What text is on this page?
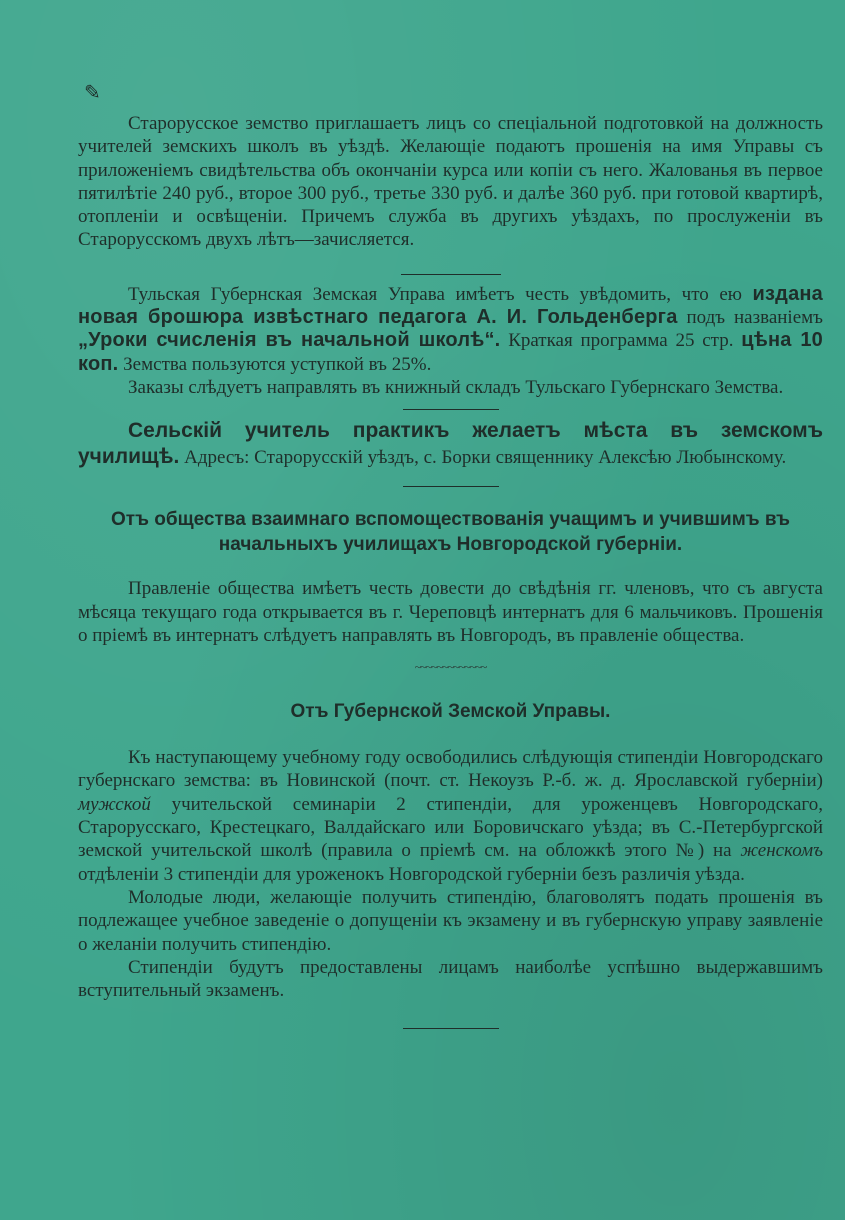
✎

Старорусское земство приглашаетъ лицъ со спеціальной подготовкой на должность учителей земскихъ школъ въ уѣздѣ. Желающіе подаютъ прошенія на имя Управы съ приложеніемъ свидѣтельства объ окончаніи курса или копіи съ него. Жалованья въ первое пятилѣтіе 240 руб., второе 300 руб., третье 330 руб. и далѣе 360 руб. при готовой квартирѣ, отопленіи и освѣщеніи. Причемъ служба въ другихъ уѣздахъ, по прослуженіи въ Старорусскомъ двухъ лѣтъ—зачисляется.

Тульская Губернская Земская Управа имѣетъ честь увѣдомить, что ею издана новая брошюра извѣстнаго педагога А. И. Гольденберга подъ названіемъ „Уроки счисленія въ начальной школѣ“. Краткая программа 25 стр. цѣна 10 коп. Земства пользуются уступкой въ 25%.

Заказы слѣдуетъ направлять въ книжный складъ Тульскаго Губернскаго Земства.

Сельскій учитель практикъ желаетъ мѣста въ земскомъ училищѣ. Адресъ: Старорусскій уѣздъ, с. Борки священнику Алексѣю Любынскому.

Отъ общества взаимнаго вспомоществованія учащимъ и учившимъ въ
начальныхъ училищахъ Новгородской губерніи.

Правленіе общества имѣетъ честь довести до свѣдѣнія гг. членовъ, что съ августа мѣсяца текущаго года открывается въ г. Череповцѣ интернатъ для 6 мальчиковъ. Прошенія о пріемѣ въ интернатъ слѣдуетъ направлять въ Новгородъ, въ правленіе общества.

~~~~~~~~~~~~~
Отъ Губернской Земской Управы.

Къ наступающему учебному году освободились слѣдующія стипендіи Новгородскаго губернскаго земства: въ Новинской (почт. ст. Некоузъ Р.-б. ж. д. Ярославской губерніи) мужской учительской семинаріи 2 стипендіи, для уроженцевъ Новгородскаго, Старорусскаго, Крестецкаго, Валдайскаго или Боровичскаго уѣзда; въ С.-Петербургской земской учительской школѣ (правила о пріемѣ см. на обложкѣ этого №) на женскомъ отдѣленіи 3 стипендіи для уроженокъ Новгородской губерніи безъ различія уѣзда.

Молодые люди, желающіе получить стипендію, благоволятъ подать прошенія въ подлежащее учебное заведеніе о допущеніи къ экзамену и въ губернскую управу заявленіе о желаніи получить стипендію.

Стипендіи будутъ предоставлены лицамъ наиболѣе успѣшно выдержавшимъ вступительный экзаменъ.
